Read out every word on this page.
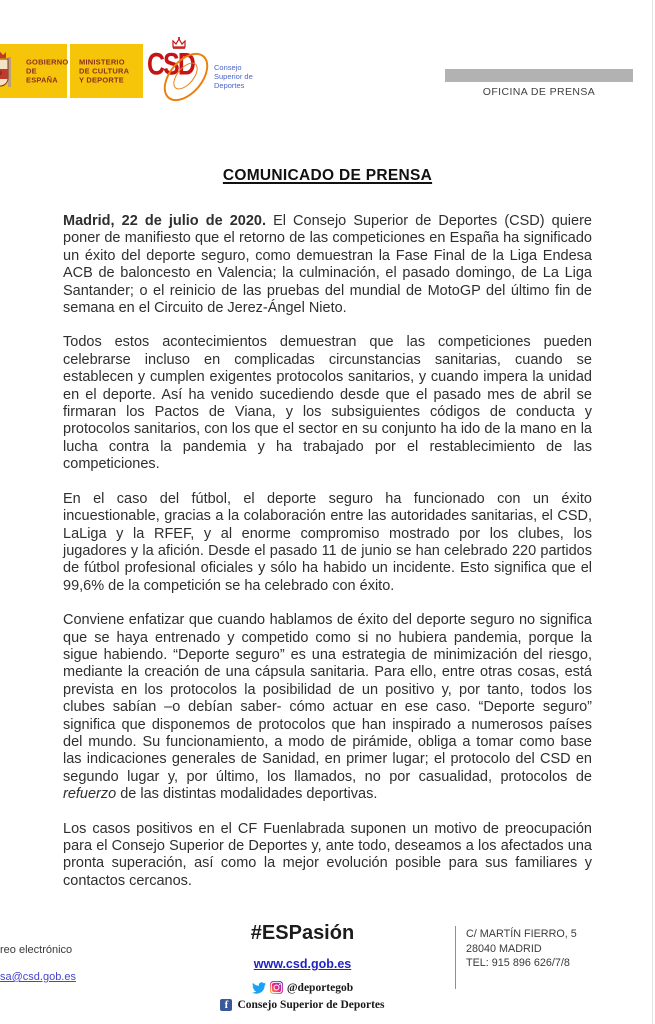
GOBIERNO
DE ESPAÑA
MINISTERIO
DE CULTURA
Y DEPORTE CSD	Consejo
Superior de
Deportes
OFICINA DE PRENSA
COMUNICADO DE PRENSA

Madrid, 22 de julio de 2020. El Consejo Superior de Deportes (CSD) quiere poner de manifiesto que el retorno de las competiciones en España ha significado un éxito del deporte seguro, como demuestran la Fase Final de la Liga Endesa ACB de baloncesto en Valencia; la culminación, el pasado domingo, de La Liga Santander; o el reinicio de las pruebas del mundial de MotoGP del último fin de semana en el Circuito de Jerez-Ángel Nieto.

Todos estos acontecimientos demuestran que las competiciones pueden celebrarse incluso en complicadas circunstancias sanitarias, cuando se establecen y cumplen exigentes protocolos sanitarios, y cuando impera la unidad en el deporte. Así ha venido sucediendo desde que el pasado mes de abril se firmaran los Pactos de Viana, y los subsiguientes códigos de conducta y protocolos sanitarios, con los que el sector en su conjunto ha ido de la mano en la lucha contra la pandemia y ha trabajado por el restablecimiento de las competiciones.

En el caso del fútbol, el deporte seguro ha funcionado con un éxito incuestionable, gracias a la colaboración entre las autoridades sanitarias, el CSD, LaLiga y la RFEF, y al enorme compromiso mostrado por los clubes, los jugadores y la afición. Desde el pasado 11 de junio se han celebrado 220 partidos de fútbol profesional oficiales y sólo ha habido un incidente. Esto significa que el 99,6% de la competición se ha celebrado con éxito.

Conviene enfatizar que cuando hablamos de éxito del deporte seguro no significa que se haya entrenado y competido como si no hubiera pandemia, porque la sigue habiendo. “Deporte seguro” es una estrategia de minimización del riesgo, mediante la creación de una cápsula sanitaria. Para ello, entre otras cosas, está prevista en los protocolos la posibilidad de un positivo y, por tanto, todos los clubes sabían –o debían saber- cómo actuar en ese caso. “Deporte seguro” significa que disponemos de protocolos que han inspirado a numerosos países del mundo. Su funcionamiento, a modo de pirámide, obliga a tomar como base las indicaciones generales de Sanidad, en primer lugar; el protocolo del CSD en segundo lugar y, por último, los llamados, no por casualidad, protocolos de refuerzo de las distintas modalidades deportivas.

Los casos positivos en el CF Fuenlabrada suponen un motivo de preocupación para el Consejo Superior de Deportes y, ante todo, deseamos a los afectados una pronta superación, así como la mejor evolución posible para sus familiares y contactos cercanos.

reo electrónico
sa@csd.gob.es
#ESPasión
www.csd.gob.es
@deportegob
f Consejo Superior de Deportes
C/ MARTÍN FIERRO, 5
28040 MADRID
TEL: 915 896 626/7/8
